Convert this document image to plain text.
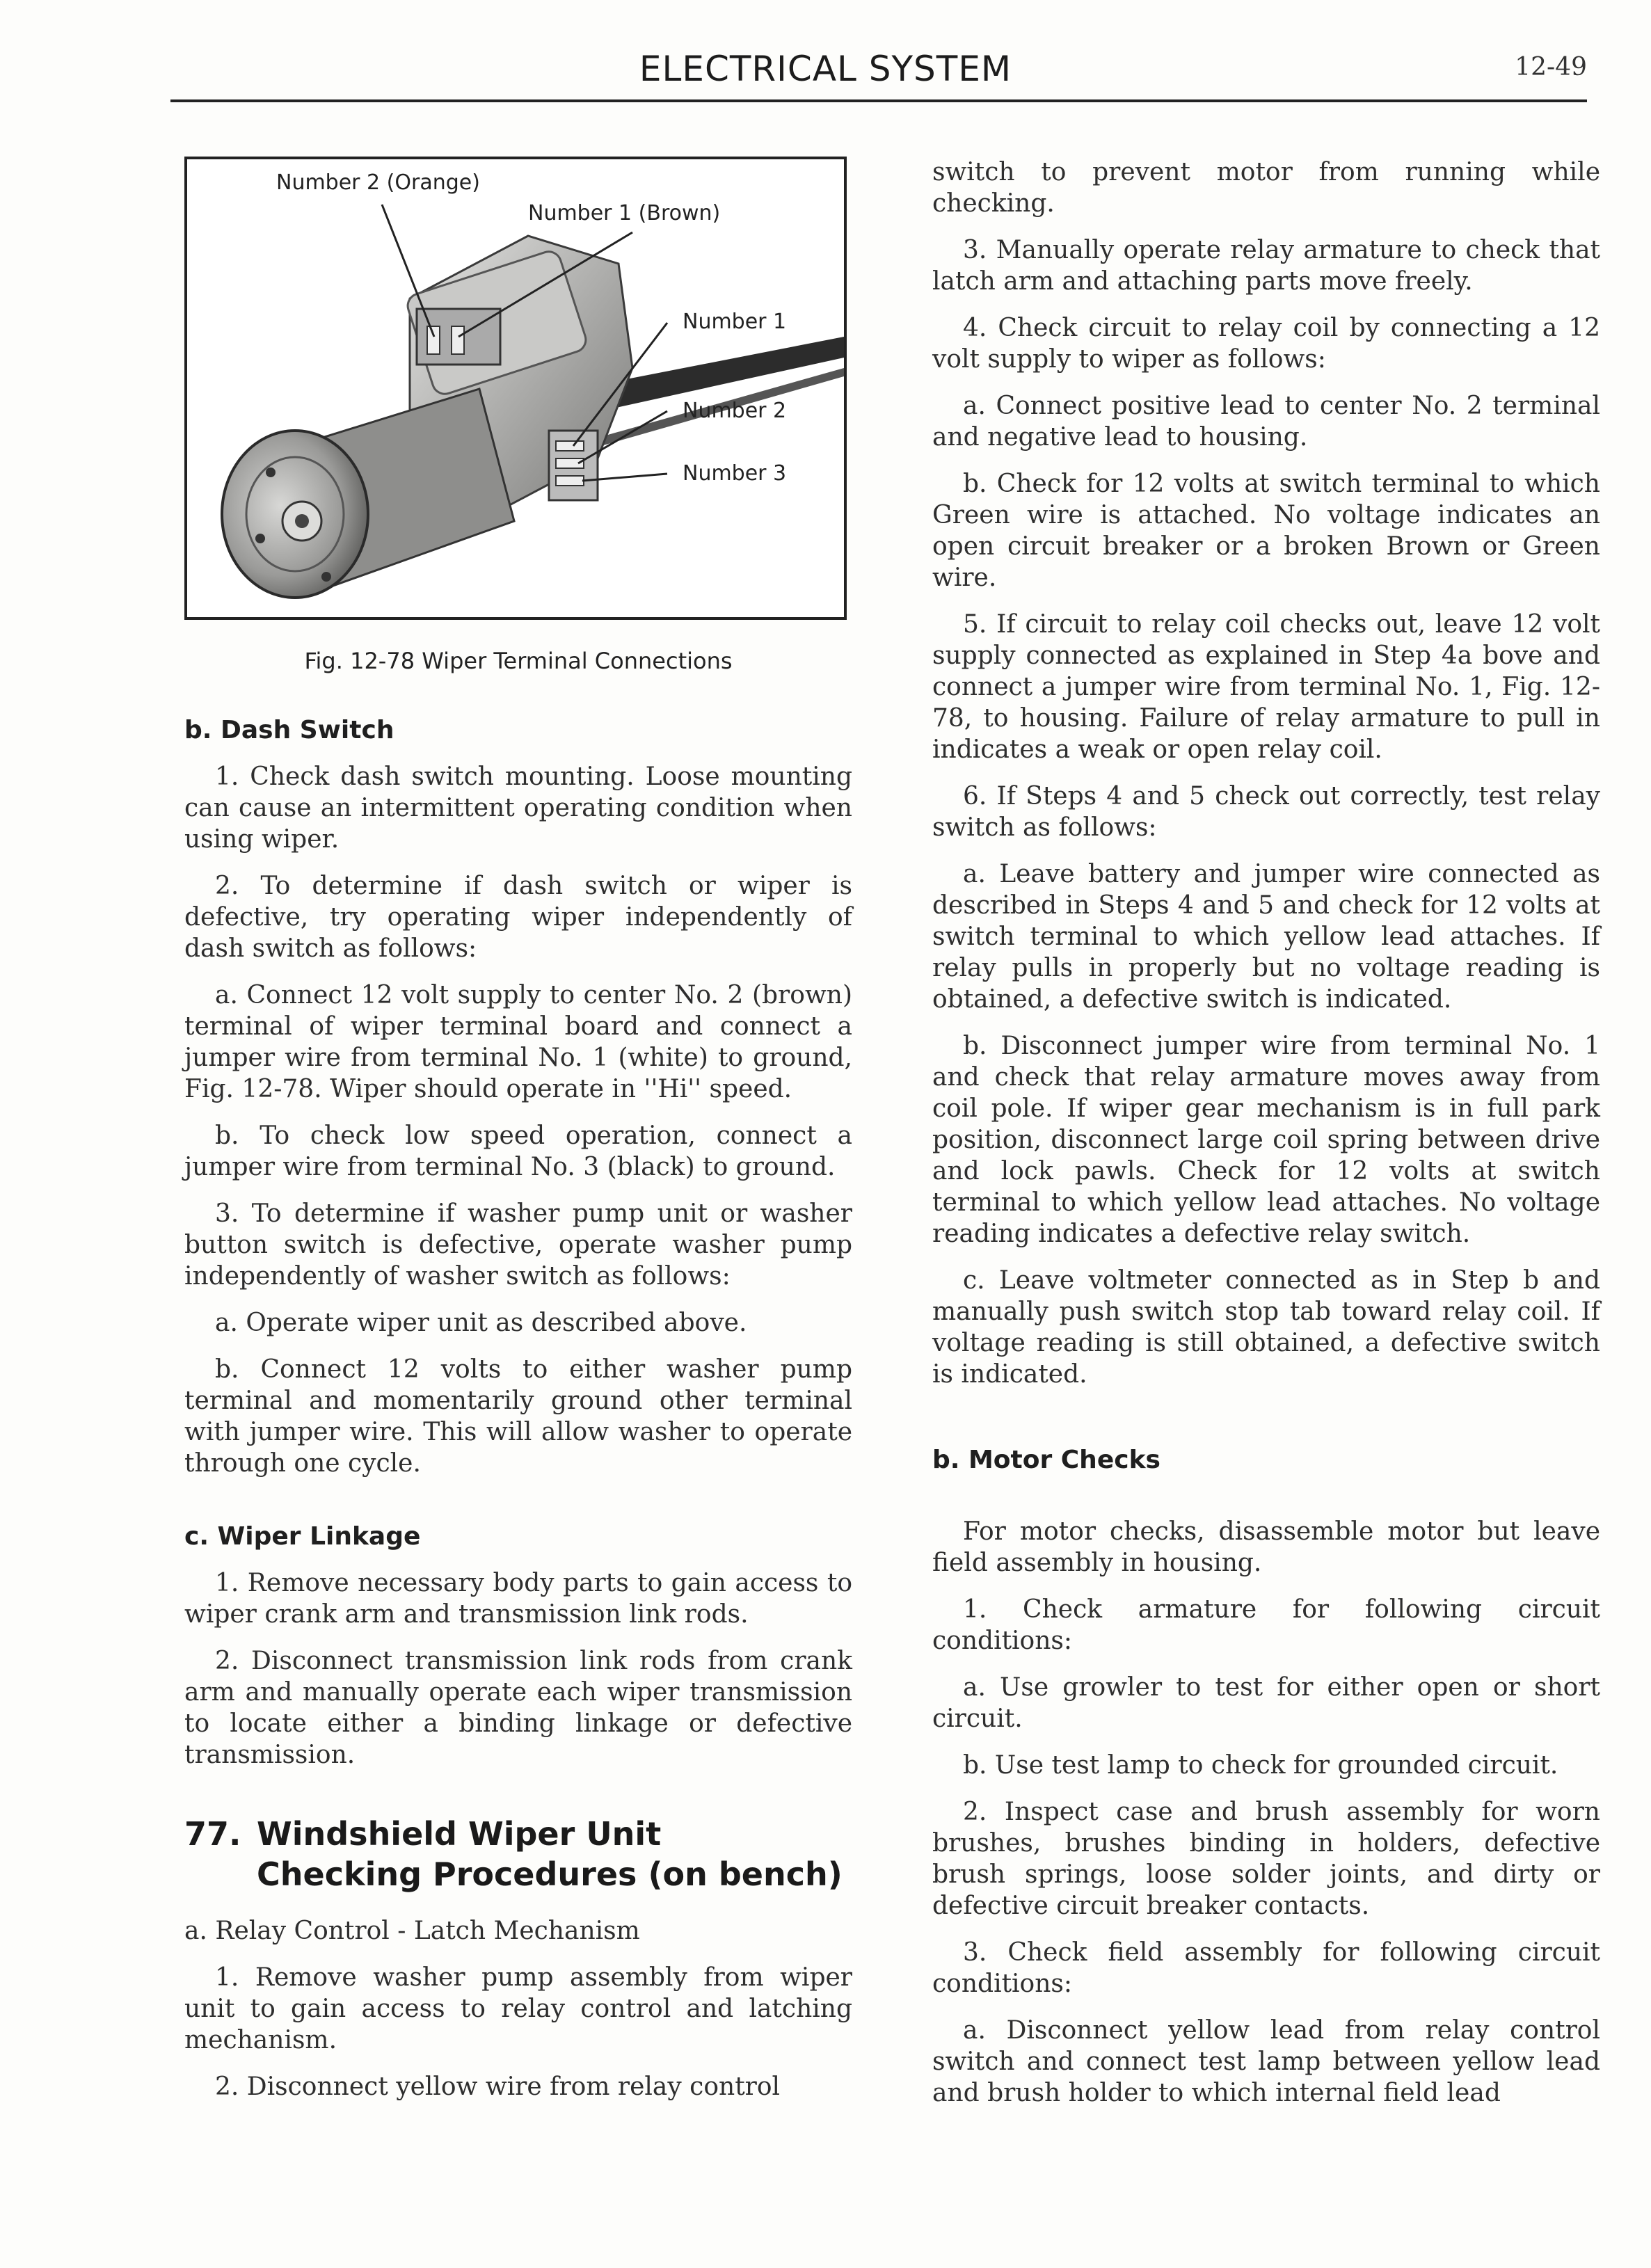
ELECTRICAL SYSTEM	12-49
Number 2 (Orange)
Number 1 (Brown)
Number 1
Number 2
Number 3
Fig. 12-78 Wiper Terminal Connections
b. Dash Switch

1. Check dash switch mounting. Loose mounting can cause an intermittent operating condition when using wiper.

2. To determine if dash switch or wiper is defective, try operating wiper independently of dash switch as follows:

a. Connect 12 volt supply to center No. 2 (brown) terminal of wiper terminal board and connect a jumper wire from terminal No. 1 (white) to ground, Fig. 12-78. Wiper should operate in ''Hi'' speed.

b. To check low speed operation, connect a jumper wire from terminal No. 3 (black) to ground.

3. To determine if washer pump unit or washer button switch is defective, operate washer pump independently of washer switch as follows:

a. Operate wiper unit as described above.

b. Connect 12 volts to either washer pump terminal and momentarily ground other terminal with jumper wire. This will allow washer to operate through one cycle.

c. Wiper Linkage

1. Remove necessary body parts to gain access to wiper crank arm and transmission link rods.

2. Disconnect transmission link rods from crank arm and manually operate each wiper transmission to locate either a binding linkage or defective transmission.

77. Windshield Wiper Unit
Checking Procedures (on bench)

a. Relay Control - Latch Mechanism

1. Remove washer pump assembly from wiper unit to gain access to relay control and latching mechanism.

2. Disconnect yellow wire from relay control

switch to prevent motor from running while checking.

3. Manually operate relay armature to check that latch arm and attaching parts move freely.

4. Check circuit to relay coil by connecting a 12 volt supply to wiper as follows:

a. Connect positive lead to center No. 2 terminal and negative lead to housing.

b. Check for 12 volts at switch terminal to which Green wire is attached. No voltage indicates an open circuit breaker or a broken Brown or Green wire.

5. If circuit to relay coil checks out, leave 12 volt supply connected as explained in Step 4a bove and connect a jumper wire from terminal No. 1, Fig. 12-78, to housing. Failure of relay armature to pull in indicates a weak or open relay coil.

6. If Steps 4 and 5 check out correctly, test relay switch as follows:

a. Leave battery and jumper wire connected as described in Steps 4 and 5 and check for 12 volts at switch terminal to which yellow lead attaches. If relay pulls in properly but no voltage reading is obtained, a defective switch is indicated.

b. Disconnect jumper wire from terminal No. 1 and check that relay armature moves away from coil pole. If wiper gear mechanism is in full park position, disconnect large coil spring between drive and lock pawls. Check for 12 volts at switch terminal to which yellow lead attaches. No voltage reading indicates a defective relay switch.

c. Leave voltmeter connected as in Step b and manually push switch stop tab toward relay coil. If voltage reading is still obtained, a defective switch is indicated.

b. Motor Checks

For motor checks, disassemble motor but leave field assembly in housing.

1. Check armature for following circuit conditions:

a. Use growler to test for either open or short circuit.

b. Use test lamp to check for grounded circuit.

2. Inspect case and brush assembly for worn brushes, brushes binding in holders, defective brush springs, loose solder joints, and dirty or defective circuit breaker contacts.

3. Check field assembly for following circuit conditions:

a. Disconnect yellow lead from relay control switch and connect test lamp between yellow lead and brush holder to which internal field lead
